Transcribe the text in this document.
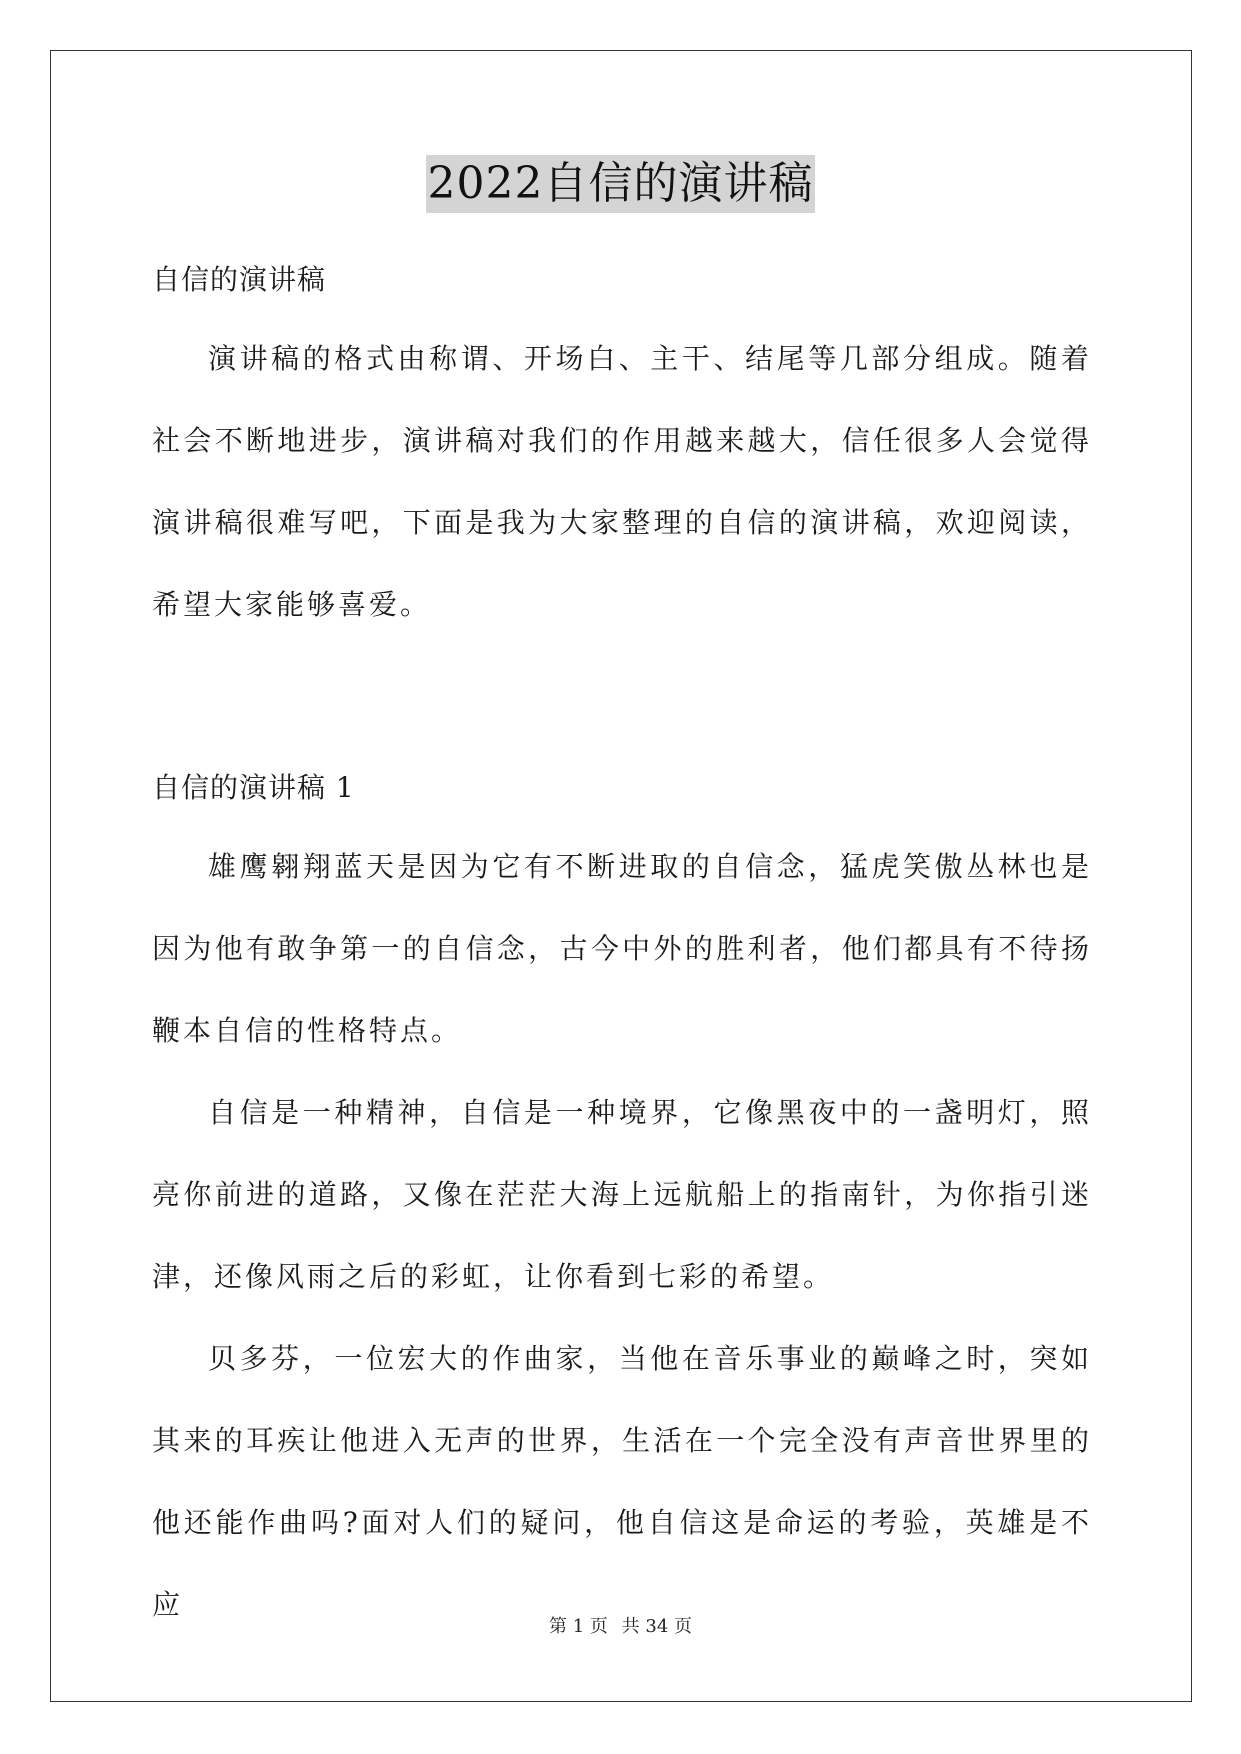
2022自信的演讲稿

自信的演讲稿

演讲稿的格式由称谓、开场白、主干、结尾等几部分组成。随着社会不断地进步，演讲稿对我们的作用越来越大，信任很多人会觉得演讲稿很难写吧，下面是我为大家整理的自信的演讲稿，欢迎阅读，希望大家能够喜爱。

自信的演讲稿 1

雄鹰翱翔蓝天是因为它有不断进取的自信念，猛虎笑傲丛林也是因为他有敢争第一的自信念，古今中外的胜利者，他们都具有不待扬鞭本自信的性格特点。

自信是一种精神，自信是一种境界，它像黑夜中的一盏明灯，照亮你前进的道路，又像在茫茫大海上远航船上的指南针，为你指引迷津，还像风雨之后的彩虹，让你看到七彩的希望。

贝多芬，一位宏大的作曲家，当他在音乐事业的巅峰之时，突如其来的耳疾让他进入无声的世界，生活在一个完全没有声音世界里的他还能作曲吗?面对人们的疑问，他自信这是命运的考验，英雄是不应

第 1 页 共 34 页
